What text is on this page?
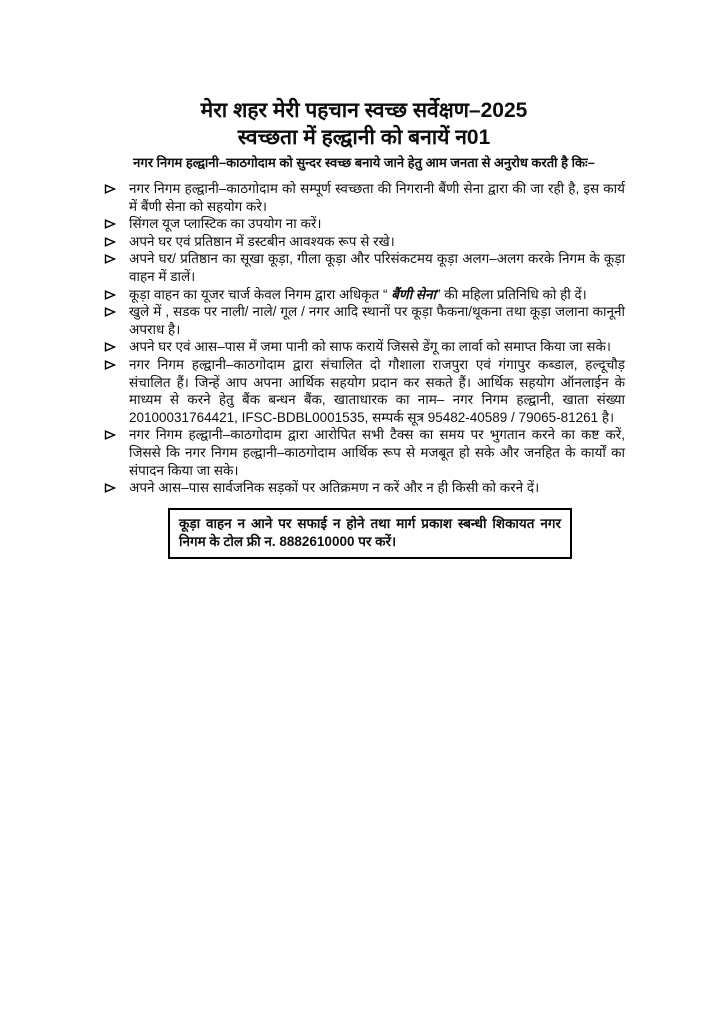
मेरा शहर मेरी पहचान स्वच्छ सर्वेक्षण–2025
स्वच्छता में हल्द्वानी को बनायें न01
नगर निगम हल्द्वानी–काठगोदाम को सुन्दर स्वच्छ बनाये जाने हेतु आम जनता से अनुरोध करती है किः–
नगर निगम हल्द्वानी–काठगोदाम को सम्पूर्ण स्वच्छता की निगरानी बैंणी सेना द्वारा की जा रही है, इस कार्य में बैंणी सेना को सहयोग करे।
सिंगल यूज प्लास्टिक का उपयोग ना करें।
अपने घर एवं प्रतिष्ठान में डस्टबीन आवश्यक रूप से रखे।
अपने घर/ प्रतिष्ठान का सूखा कूड़ा, गीला कूड़ा और परिसंकटमय कूड़ा अलग–अलग करके निगम के कूड़ा वाहन में डालें।
कूड़ा वाहन का यूजर चार्ज केवल निगम द्वारा अधिकृत “ बैंणी सेना” की महिला प्रतिनिधि को ही दें।
खुले में , सडक पर नाली/ नाले/ गूल / नगर आदि स्थानों पर कूड़ा फैकना/थूकना तथा कूड़ा जलाना कानूनी अपराध है।
अपने घर एवं आस–पास में जमा पानी को साफ करायें जिससे डेंगू का लार्वा को समाप्त किया जा सके।
नगर निगम हल्द्वानी–काठगोदाम द्वारा संचालित दो गौशाला राजपुरा एवं गंगापुर कब्डाल, हल्दूचौड़ संचालित हैं। जिन्हें आप अपना आर्थिक सहयोग प्रदान कर सकते हैं। आर्थिक सहयोग ऑनलाईन के माध्यम से करने हेतु बैंक बन्धन बैंक, खाताधारक का नाम– नगर निगम हल्द्वानी, खाता संख्या 20100031764421, IFSC-BDBL0001535, सम्पर्क सूत्र 95482-40589 / 79065-81261 है।
नगर निगम हल्द्वानी–काठगोदाम द्वारा आरोपित सभी टैक्स का समय पर भुगतान करने का कष्ट करें, जिससे कि नगर निगम हल्द्वानी–काठगोदाम आर्थिक रूप से मजबूत हो सके और जनहित के कार्यों का संपादन किया जा सके।
अपने आस–पास सार्वजनिक सड़कों पर अतिक्रमण न करें और न ही किसी को करने दें।
कूड़ा वाहन न आने पर सफाई न होने तथा मार्ग प्रकाश स्बन्धी शिकायत नगर निगम के टोल फ्री न. 8882610000 पर करें।
